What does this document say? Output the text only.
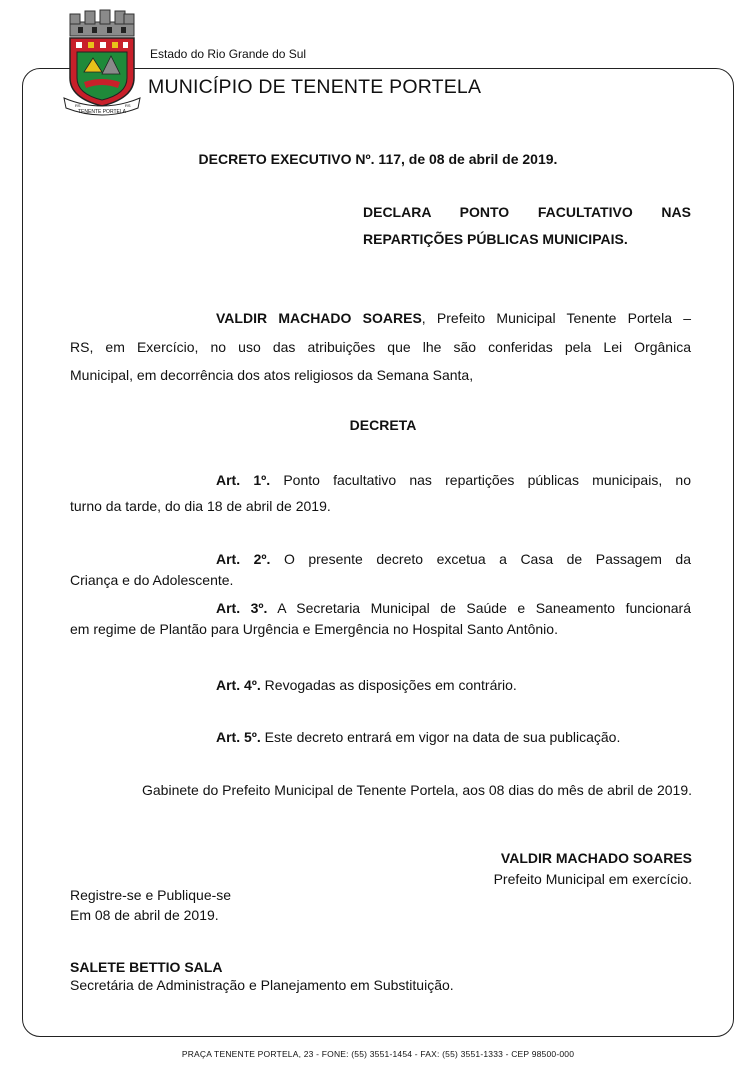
RS
TENENTE PORTELA
RS
Estado do Rio Grande do Sul
MUNICÍPIO DE TENENTE PORTELA
DECRETO EXECUTIVO Nº. 117, de 08 de abril de 2019.
DECLARA PONTO FACULTATIVO NAS
REPARTIÇÕES PÚBLICAS MUNICIPAIS.
VALDIR MACHADO SOARES, Prefeito Municipal Tenente Portela –
RS, em Exercício, no uso das atribuições que lhe são conferidas pela Lei Orgânica
Municipal, em decorrência dos atos religiosos da Semana Santa,
DECRETA
Art. 1º. Ponto facultativo nas repartições públicas municipais, no
turno da tarde, do dia 18 de abril de 2019.
Art. 2º. O presente decreto excetua a Casa de Passagem da
Criança e do Adolescente.
Art. 3º. A Secretaria Municipal de Saúde e Saneamento funcionará
em regime de Plantão para Urgência e Emergência no Hospital Santo Antônio.
Art. 4º. Revogadas as disposições em contrário.
Art. 5º. Este decreto entrará em vigor na data de sua publicação.
Gabinete do Prefeito Municipal de Tenente Portela, aos 08 dias do mês de abril de 2019.
VALDIR MACHADO SOARES
Prefeito Municipal em exercício.
Registre-se e Publique-se
Em 08 de abril de 2019.
SALETE BETTIO SALA
Secretária de Administração e Planejamento em Substituição.
PRAÇA TENENTE PORTELA, 23 - FONE: (55) 3551-1454 - FAX: (55) 3551-1333 - CEP 98500-000
